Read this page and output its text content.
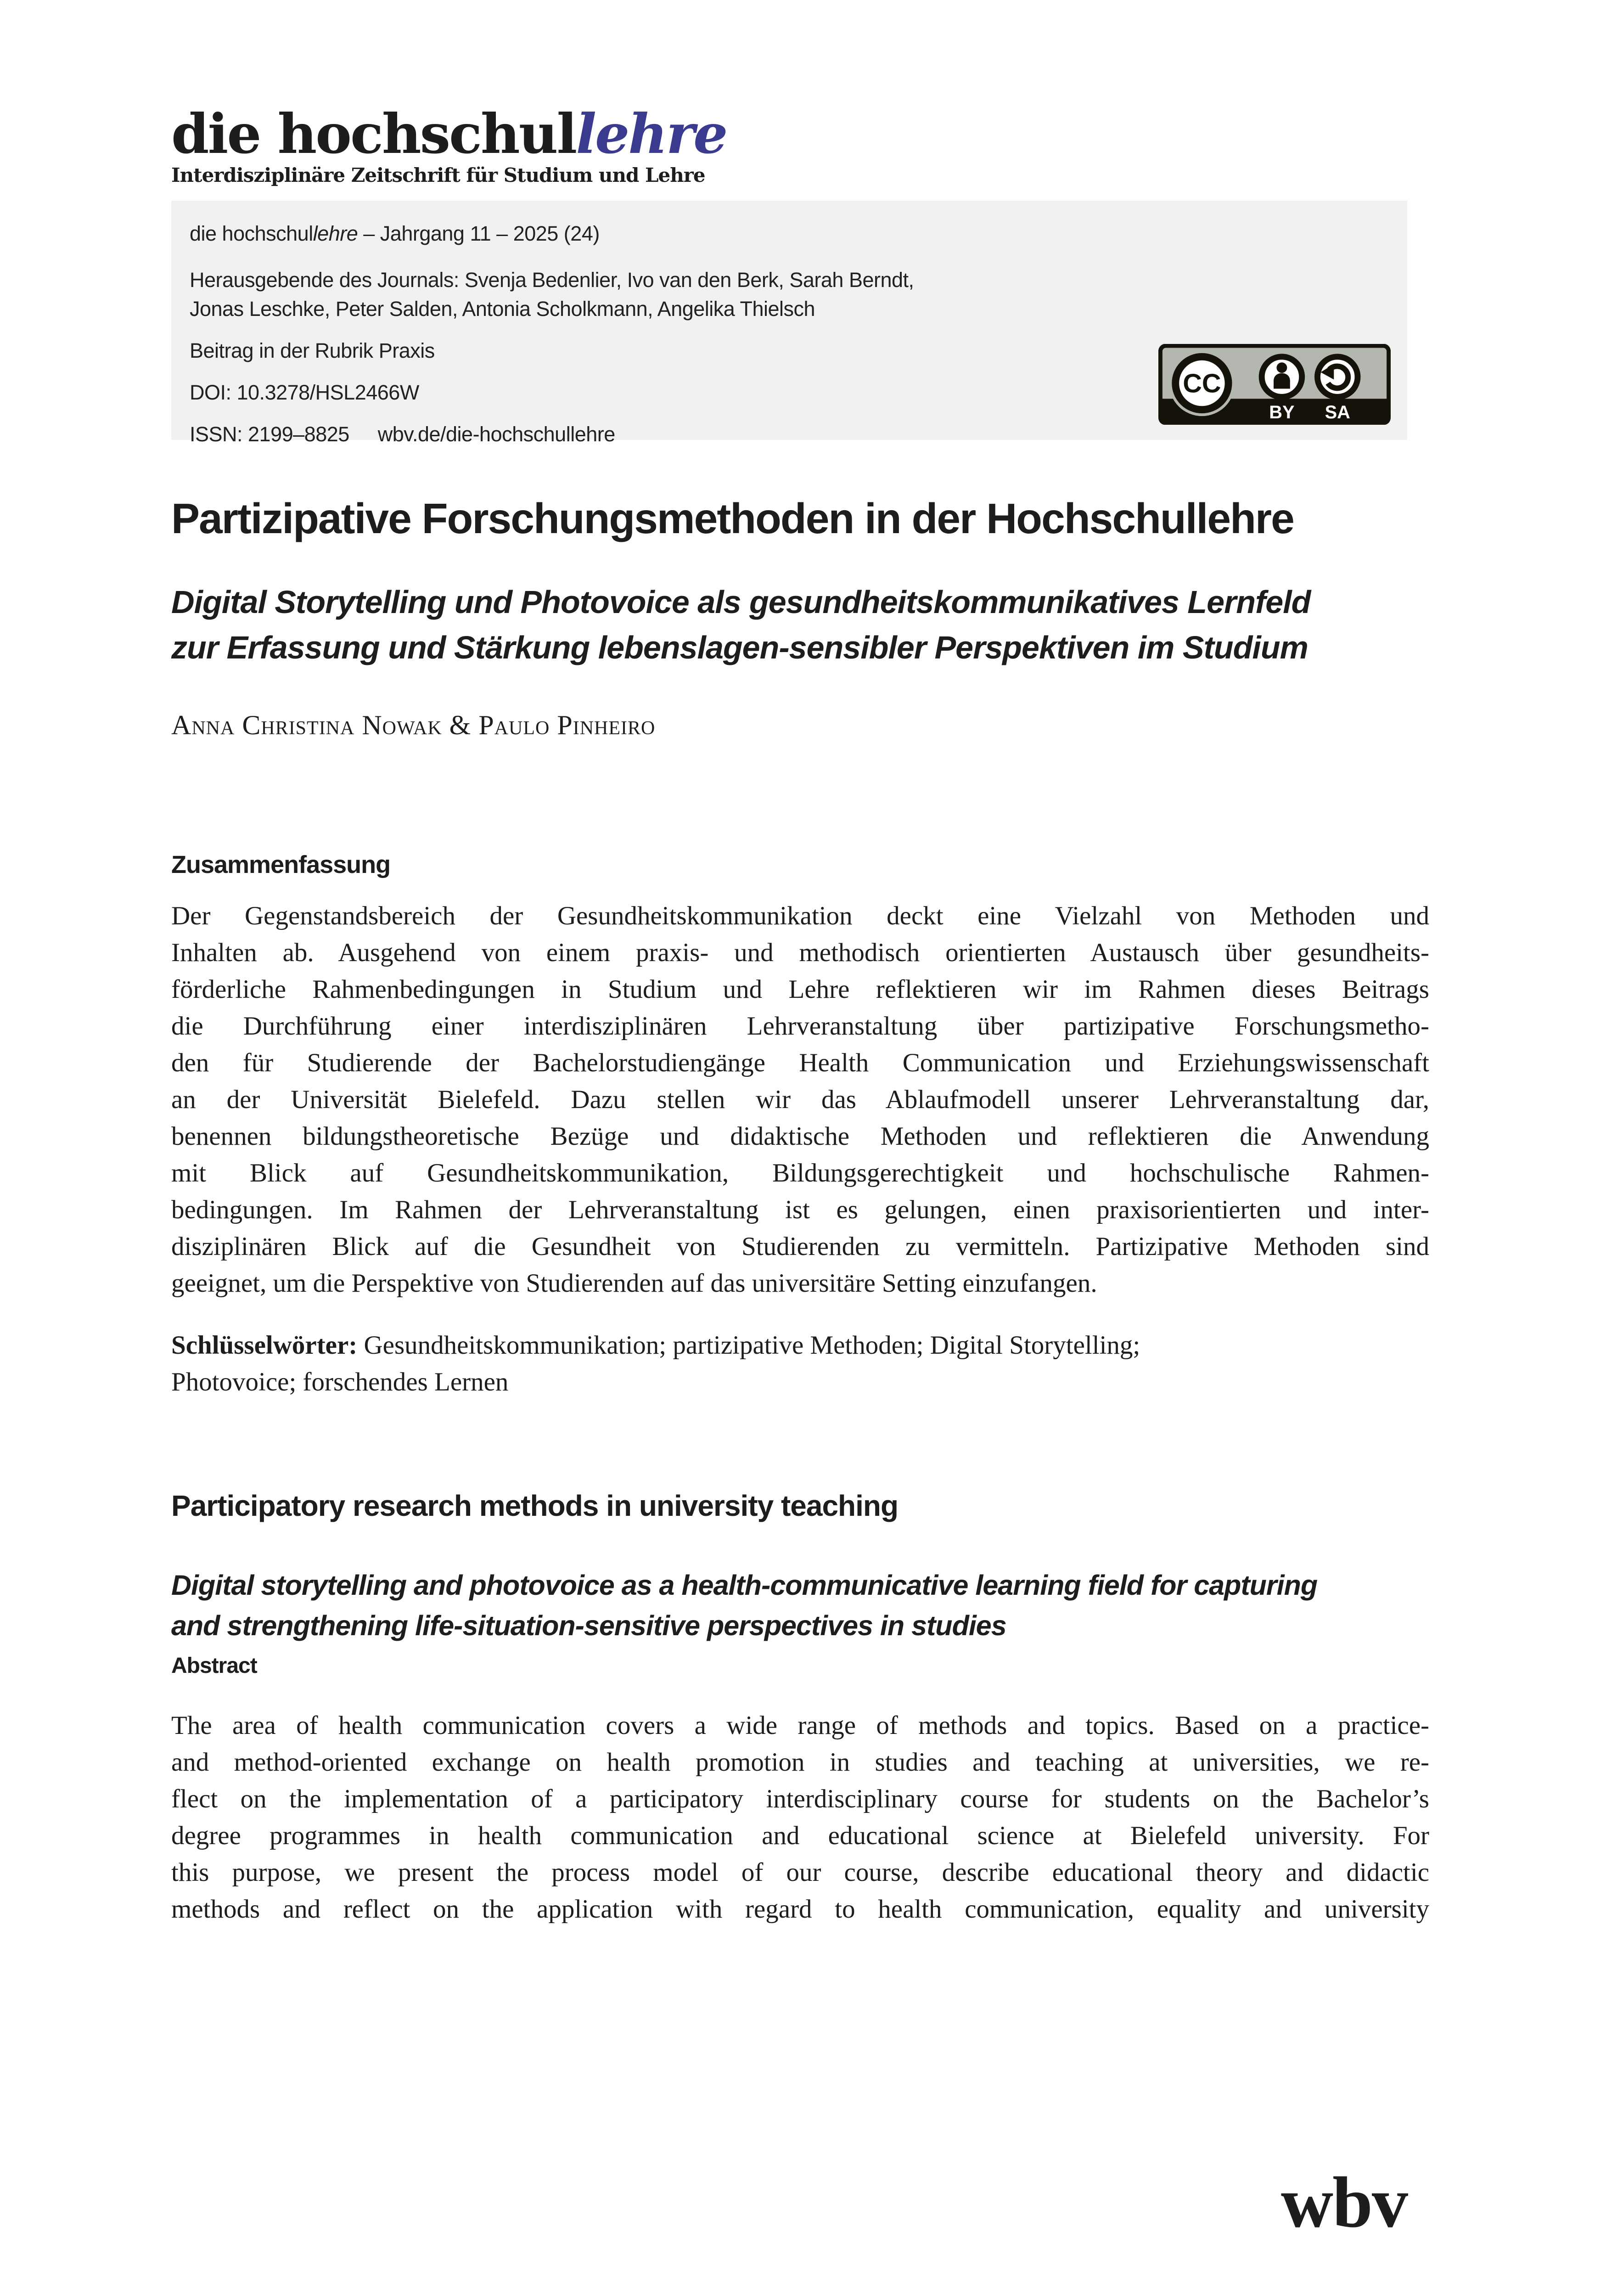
die hochschullehre
Interdisziplinäre Zeitschrift für Studium und Lehre
die hochschullehre – Jahrgang 11 – 2025 (24)
Herausgebende des Journals: Svenja Bedenlier, Ivo van den Berk, Sarah Berndt,
Jonas Leschke, Peter Salden, Antonia Scholkmann, Angelika Thielsch
Beitrag in der Rubrik Praxis
DOI: 10.3278/HSL2466W
ISSN: 2199–8825 wbv.de/die-hochschullehre
CC
BY SA
Partizipative Forschungsmethoden in der Hochschullehre
Digital Storytelling und Photovoice als gesundheitskommunikatives Lernfeld
zur Erfassung und Stärkung lebenslagen-sensibler Perspektiven im Studium
Anna Christina Nowak & Paulo Pinheiro
Zusammenfassung
Der Gegenstandsbereich der Gesundheitskommunikation deckt eine Vielzahl von Methoden und
Inhalten ab. Ausgehend von einem praxis- und methodisch orientierten Austausch über gesundheits-
förderliche Rahmenbedingungen in Studium und Lehre reflektieren wir im Rahmen dieses Beitrags
die Durchführung einer interdisziplinären Lehrveranstaltung über partizipative Forschungsmetho-
den für Studierende der Bachelorstudiengänge Health Communication und Erziehungswissenschaft
an der Universität Bielefeld. Dazu stellen wir das Ablaufmodell unserer Lehrveranstaltung dar,
benennen bildungstheoretische Bezüge und didaktische Methoden und reflektieren die Anwendung
mit Blick auf Gesundheitskommunikation, Bildungsgerechtigkeit und hochschulische Rahmen-
bedingungen. Im Rahmen der Lehrveranstaltung ist es gelungen, einen praxisorientierten und inter-
disziplinären Blick auf die Gesundheit von Studierenden zu vermitteln. Partizipative Methoden sind
geeignet, um die Perspektive von Studierenden auf das universitäre Setting einzufangen.
Schlüsselwörter: Gesundheitskommunikation; partizipative Methoden; Digital Storytelling;
Photovoice; forschendes Lernen
Participatory research methods in university teaching
Digital storytelling and photovoice as a health-communicative learning field for capturing
and strengthening life-situation-sensitive perspectives in studies
Abstract
The area of health communication covers a wide range of methods and topics. Based on a practice-
and method-oriented exchange on health promotion in studies and teaching at universities, we re-
flect on the implementation of a participatory interdisciplinary course for students on the Bachelor’s
degree programmes in health communication and educational science at Bielefeld university. For
this purpose, we present the process model of our course, describe educational theory and didactic
methods and reflect on the application with regard to health communication, equality and university
wbv
